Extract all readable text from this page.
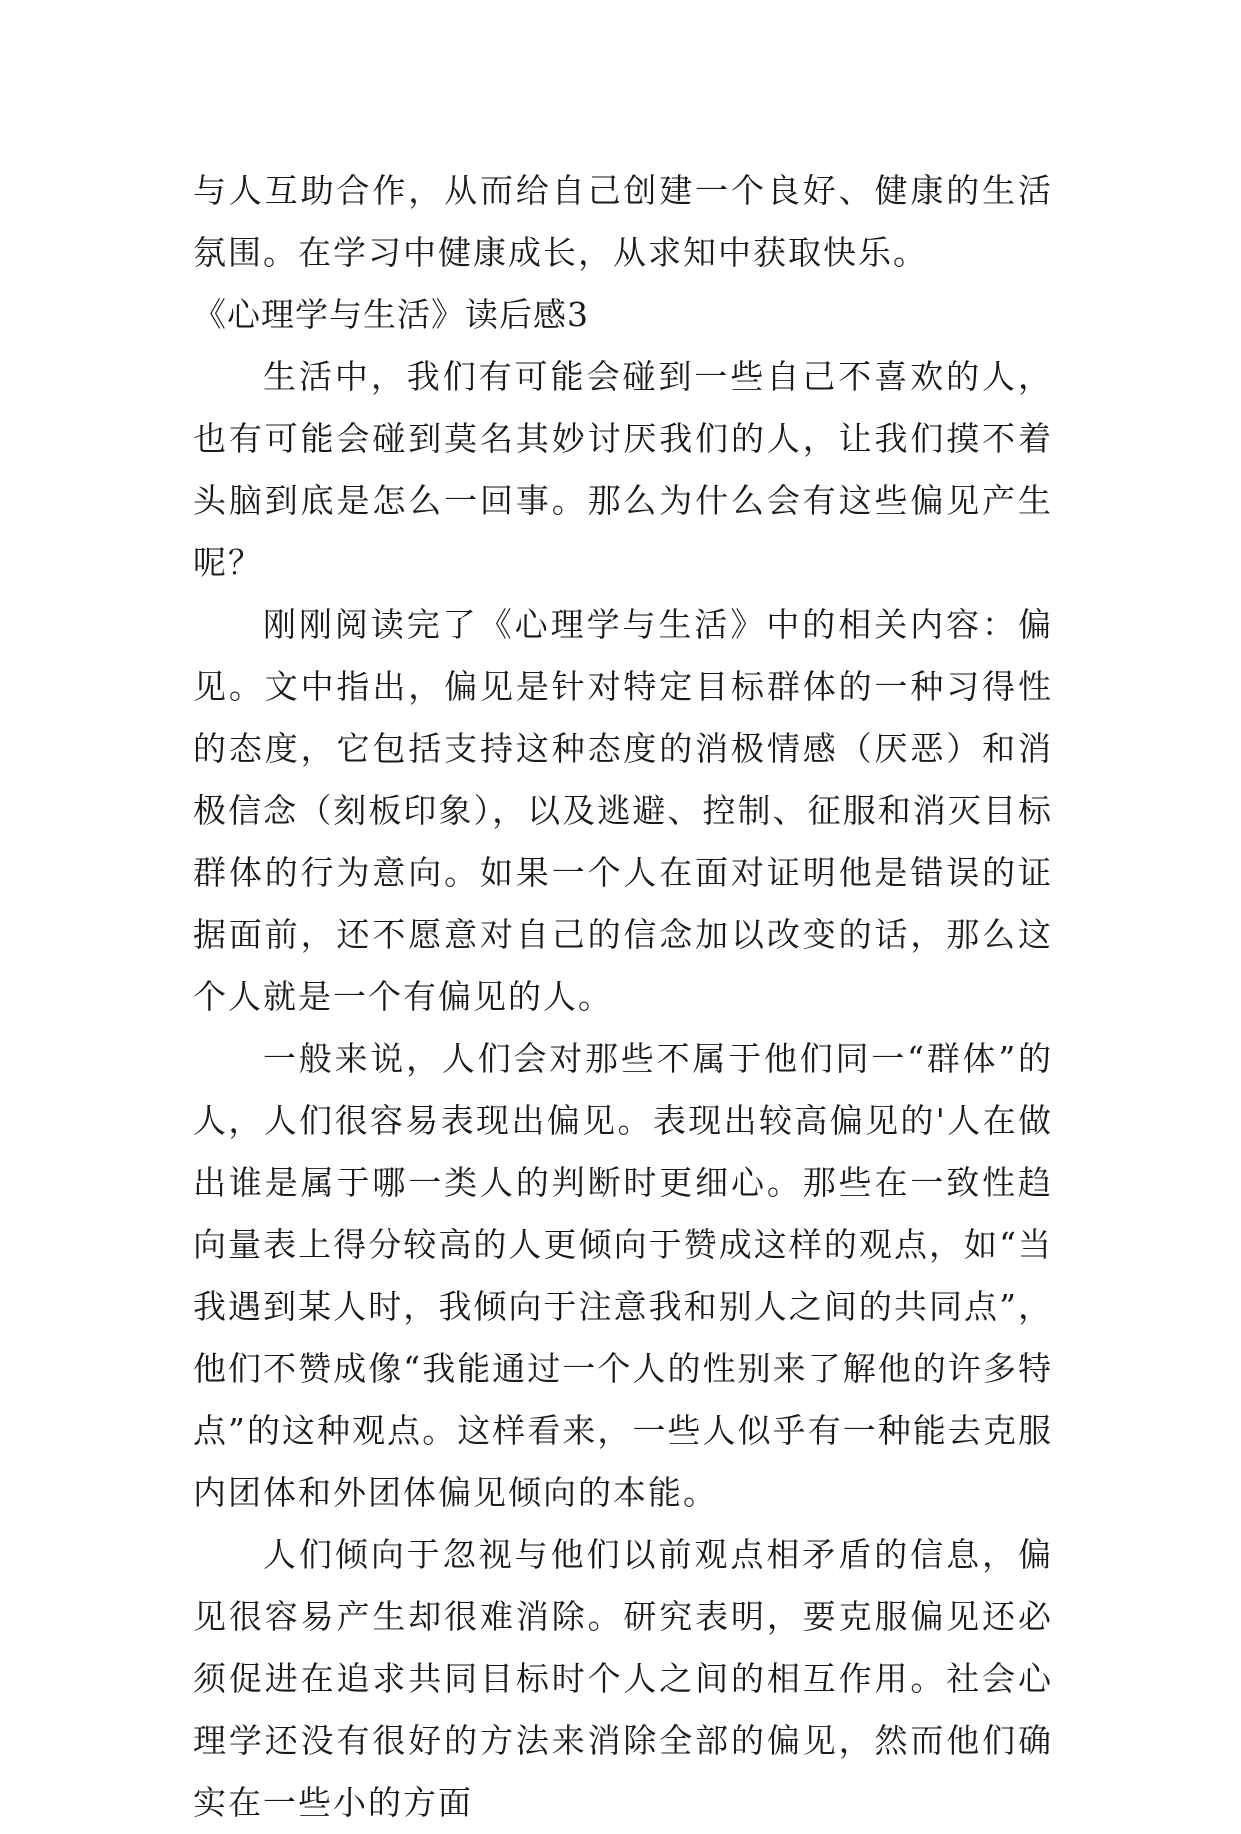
与人互助合作，从而给自己创建一个良好、健康的生活氛围。在学习中健康成长，从求知中获取快乐。

《心理学与生活》读后感3

生活中，我们有可能会碰到一些自己不喜欢的人，也有可能会碰到莫名其妙讨厌我们的人，让我们摸不着头脑到底是怎么一回事。那么为什么会有这些偏见产生呢？

刚刚阅读完了《心理学与生活》中的相关内容：偏见。文中指出，偏见是针对特定目标群体的一种习得性的态度，它包括支持这种态度的消极情感（厌恶）和消极信念（刻板印象），以及逃避、控制、征服和消灭目标群体的行为意向。如果一个人在面对证明他是错误的证据面前，还不愿意对自己的信念加以改变的话，那么这个人就是一个有偏见的人。

一般来说，人们会对那些不属于他们同一“群体”的人，人们很容易表现出偏见。表现出较高偏见的'人在做出谁是属于哪一类人的判断时更细心。那些在一致性趋向量表上得分较高的人更倾向于赞成这样的观点，如“当我遇到某人时，我倾向于注意我和别人之间的共同点”，他们不赞成像“我能通过一个人的性别来了解他的许多特点”的这种观点。这样看来，一些人似乎有一种能去克服内团体和外团体偏见倾向的本能。

人们倾向于忽视与他们以前观点相矛盾的信息，偏见很容易产生却很难消除。研究表明，要克服偏见还必须促进在追求共同目标时个人之间的相互作用。社会心理学还没有很好的方法来消除全部的偏见，然而他们确实在一些小的方面
